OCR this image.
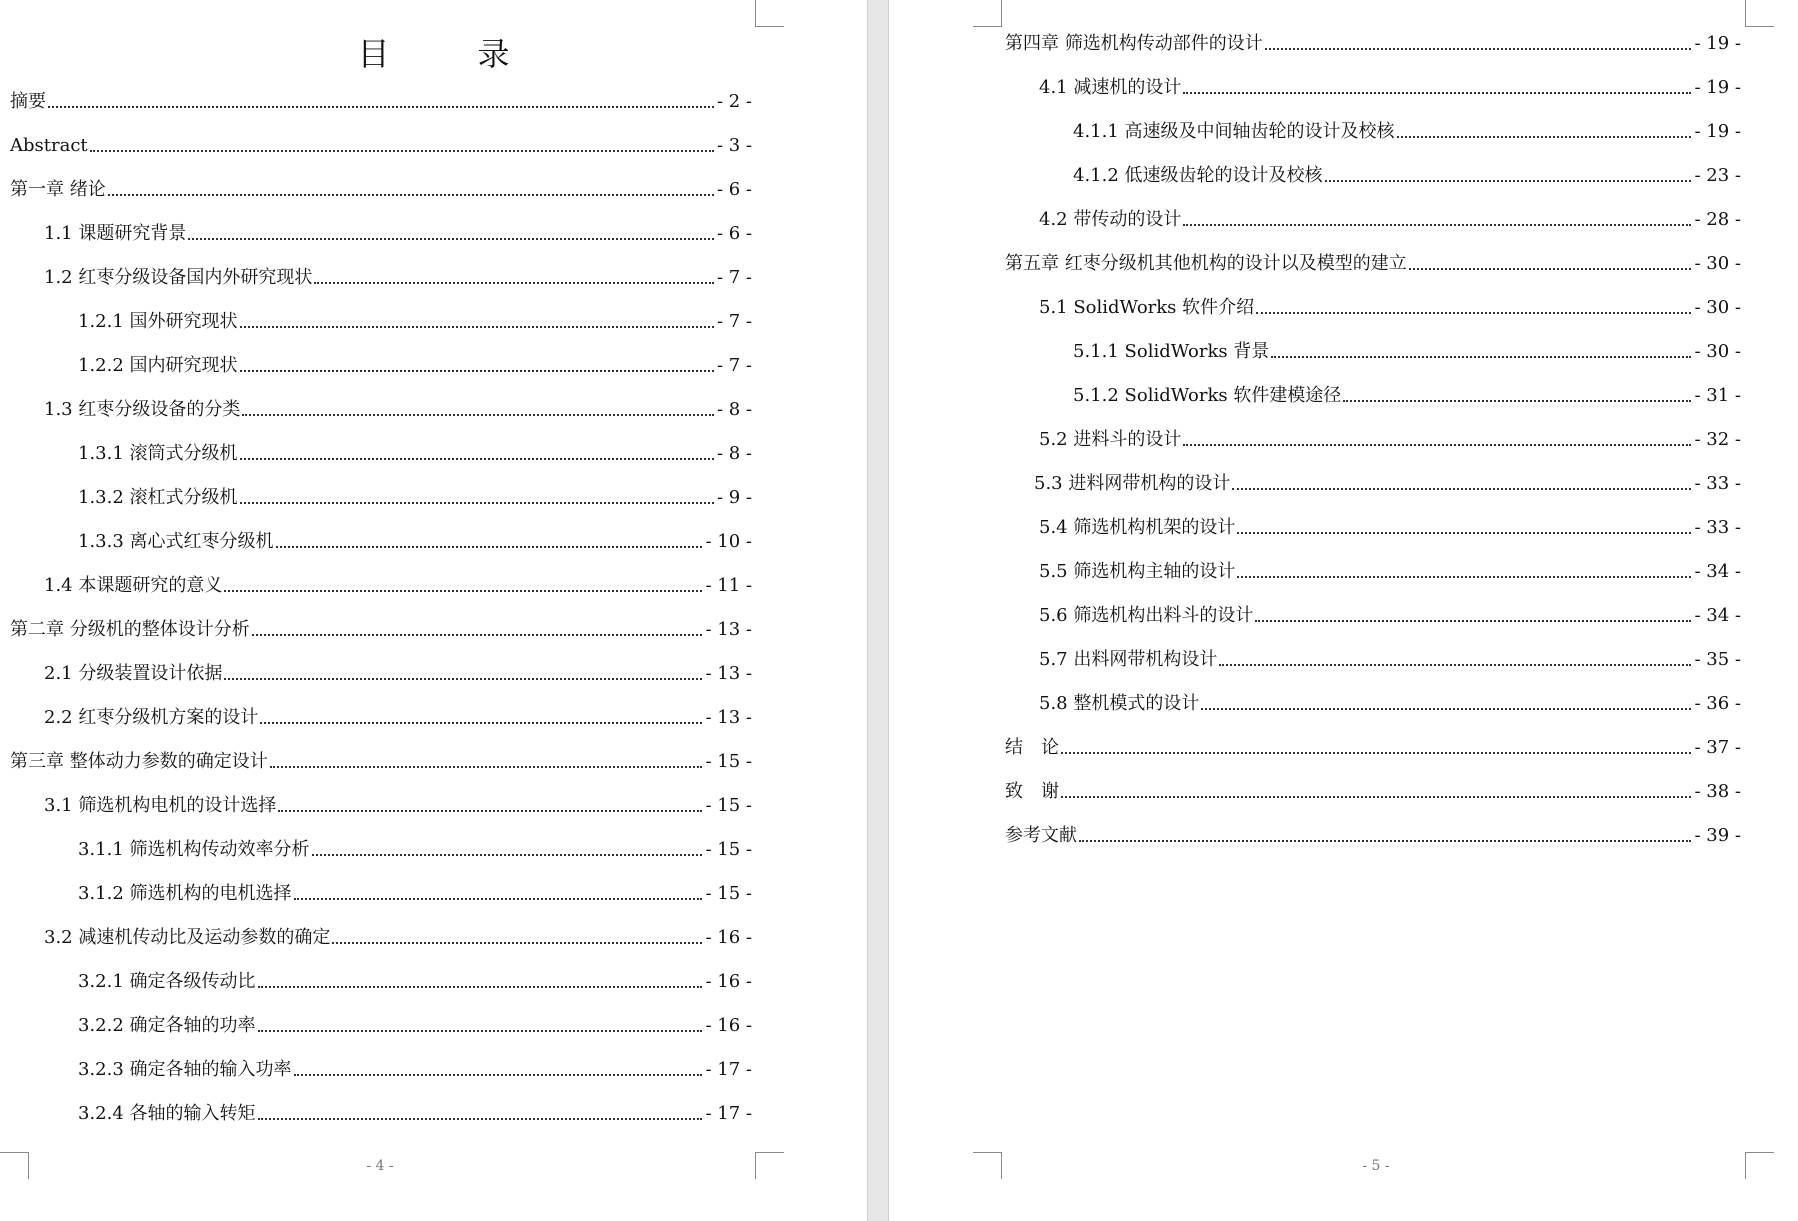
目　录
摘要	- 2 -
Abstract	- 3 -
第一章 绪论	- 6 -
1.1 课题研究背景	- 6 -
1.2 红枣分级设备国内外研究现状	- 7 -
1.2.1 国外研究现状	- 7 -
1.2.2 国内研究现状	- 7 -
1.3 红枣分级设备的分类	- 8 -
1.3.1 滚筒式分级机	- 8 -
1.3.2 滚杠式分级机	- 9 -
1.3.3 离心式红枣分级机	- 10 -
1.4 本课题研究的意义	- 11 -
第二章 分级机的整体设计分析	- 13 -
2.1 分级装置设计依据	- 13 -
2.2 红枣分级机方案的设计	- 13 -
第三章 整体动力参数的确定设计	- 15 -
3.1 筛选机构电机的设计选择	- 15 -
3.1.1 筛选机构传动效率分析	- 15 -
3.1.2 筛选机构的电机选择	- 15 -
3.2 减速机传动比及运动参数的确定	- 16 -
3.2.1 确定各级传动比	- 16 -
3.2.2 确定各轴的功率	- 16 -
3.2.3 确定各轴的输入功率	- 17 -
3.2.4 各轴的输入转矩	- 17 -
- 4 -
第四章 筛选机构传动部件的设计	- 19 -
4.1 减速机的设计	- 19 -
4.1.1 高速级及中间轴齿轮的设计及校核	- 19 -
4.1.2 低速级齿轮的设计及校核	- 23 -
4.2 带传动的设计	- 28 -
第五章 红枣分级机其他机构的设计以及模型的建立	- 30 -
5.1 SolidWorks 软件介绍	- 30 -
5.1.1 SolidWorks 背景	- 30 -
5.1.2 SolidWorks 软件建模途径	- 31 -
5.2 进料斗的设计	- 32 -
5.3 进料网带机构的设计	- 33 -
5.4 筛选机构机架的设计	- 33 -
5.5 筛选机构主轴的设计	- 34 -
5.6 筛选机构出料斗的设计	- 34 -
5.7 出料网带机构设计	- 35 -
5.8 整机模式的设计	- 36 -
结　论	- 37 -
致　谢	- 38 -
参考文献	- 39 -
- 5 -
